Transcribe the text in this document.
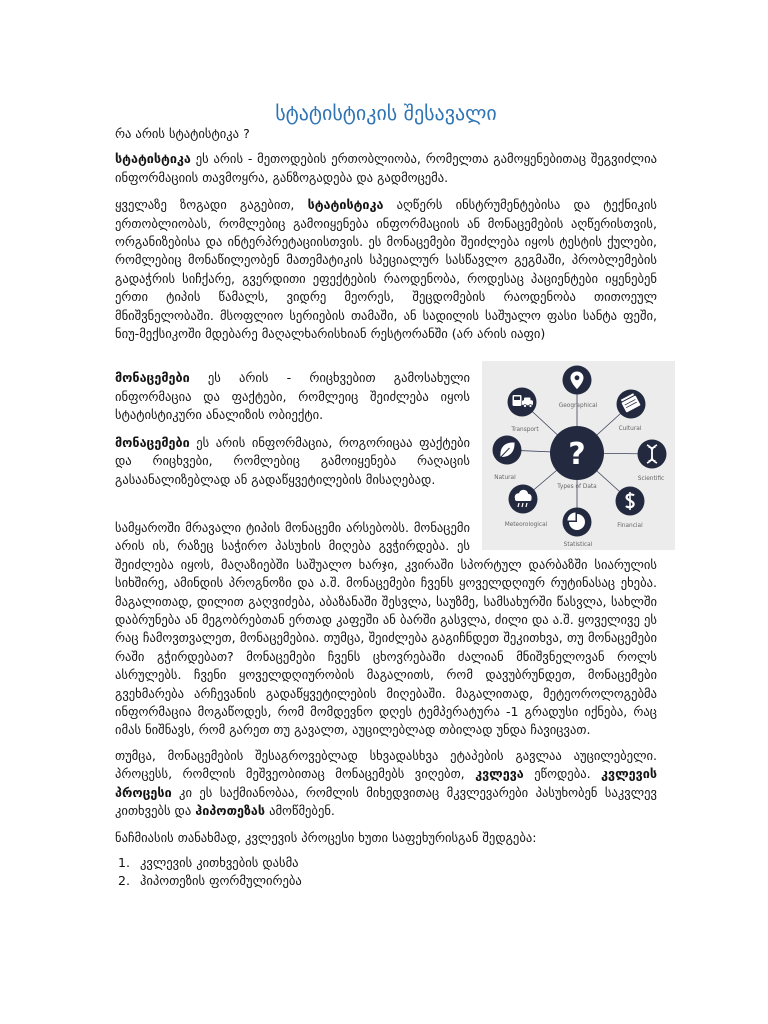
სტატისტიკის შესავალი
რა არის სტატისტიკა ?

სტატისტიკა ეს არის - მეთოდების ერთობლიობა, რომელთა გამოყენებითაც შეგვიძლია ინფორმაციის თავმოყრა, განზოგადება და გადმოცემა.

ყველაზე ზოგადი გაგებით, სტატისტიკა აღწერს ინსტრუმენტებისა და ტექნიკის ერთობლიობას, რომლებიც გამოიყენება ინფორმაციის ან მონაცემების აღწერისთვის, ორგანიზებისა და ინტერპრეტაციისთვის. ეს მონაცემები შეიძლება იყოს ტესტის ქულები, რომლებიც მონაწილეობენ მათემატიკის სპეციალურ სასწავლო გეგმაში, პრობლემების გადაჭრის სიჩქარე, გვერდითი ეფექტების რაოდენობა, როდესაც პაციენტები იყენებენ ერთი ტიპის წამალს, ვიდრე მეორეს, შეცდომების რაოდენობა თითოეულ მნიშვნელობაში. მსოფლიო სერიების თამაში, ან სადილის საშუალო ფასი სანტა ფეში, ნიუ-მექსიკოში მდებარე მაღალხარისხიან რესტორანში (არ არის იაფი)

?
Types of Data
Geographical
Cultural
Scientific
Financial
Statistical
Meteorological
Natural
Transport

მონაცემები ეს არის - რიცხვებით გამოსახული ინფორმაცია და ფაქტები, რომლეიც შეიძლება იყოს სტატისტიკური ანალიზის ობიექტი.

მონაცემები ეს არის ინფორმაცია, როგორიცაა ფაქტები და რიცხვები, რომლებიც გამოიყენება რაღაცის გასაანალიზებლად ან გადაწყვეტილების მისაღებად.

სამყაროში მრავალი ტიპის მონაცემი არსებობს. მონაცემი არის ის, რაზეც საჭირო პასუხის მიღება გვჭირდება. ეს შეიძლება იყოს, მაღაზიებში საშუალო ხარჯი, კვირაში სპორტულ დარბაზში სიარულის სიხშირე, ამინდის პროგნოზი და ა.შ. მონაცემები ჩვენს ყოველდღიურ რუტინასაც ეხება. მაგალითად, დილით გაღვიძება, აბაზანაში შესვლა, საუზმე, სამსახურში წასვლა, სახლში დაბრუნება ან მეგობრებთან ერთად კაფეში ან ბარში გასვლა, ძილი და ა.შ. ყოველივე ეს რაც ჩამოვთვალეთ, მონაცემებია. თუმცა, შეიძლება გაგიჩნდეთ შეკითხვა, თუ მონაცემები რაში გჭირდებათ? მონაცემები ჩვენს ცხოვრებაში ძალიან მნიშვნელოვან როლს ასრულებს. ჩვენი ყოველდღიურობის მაგალითს, რომ დავუბრუნდეთ, მონაცემები გვეხმარება არჩევანის გადაწყვეტილების მიღებაში. მაგალითად, მეტეოროლოგებმა ინფორმაცია მოგაწოდეს, რომ მომდევნო დღეს ტემპერატურა -1 გრადუსი იქნება, რაც იმას ნიშნავს, რომ გარეთ თუ გავალთ, აუცილებლად თბილად უნდა ჩავიცვათ.

თუმცა, მონაცემების შესაგროვებლად სხვადასხვა ეტაპების გავლაა აუცილებელი. პროცესს, რომლის მეშვეობითაც მონაცემებს ვიღებთ, კვლევა ეწოდება. კვლევის პროცესი კი ეს საქმიანობაა, რომლის მიხედვითაც მკვლევარები პასუხობენ საკვლევ კითხვებს და ჰიპოთეზას ამოწმებენ.

ნაჩმიასის თანახმად, კვლევის პროცესი ხუთი საფეხურისგან შედგება:

1. კვლევის კითხვების დასმა
2. ჰიპოთეზის ფორმულირება
